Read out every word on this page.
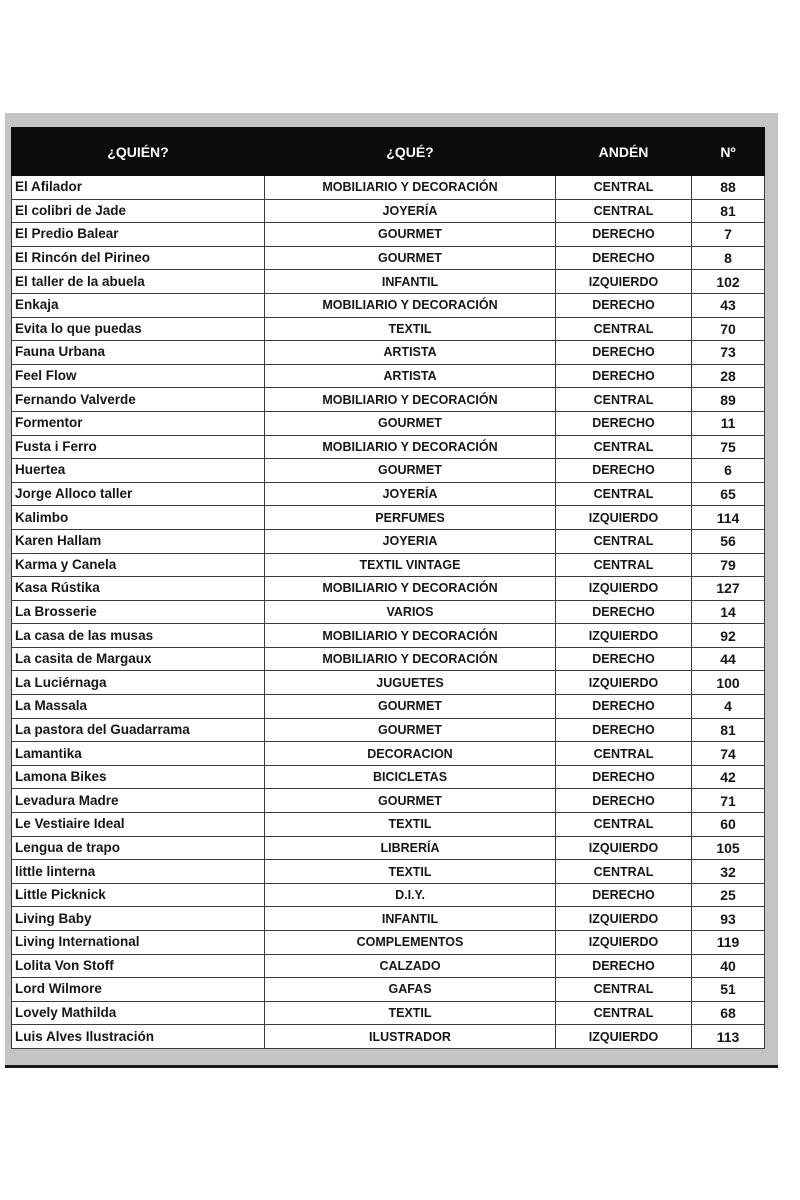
¿QUIÉN?	¿QUÉ?	ANDÉN	Nº
El Afilador	MOBILIARIO Y DECORACIÓN	CENTRAL	88
El colibri de Jade	JOYERÍA	CENTRAL	81
El Predio Balear	GOURMET	DERECHO	7
El Rincón del Pirineo	GOURMET	DERECHO	8
El taller de la abuela	INFANTIL	IZQUIERDO	102
Enkaja	MOBILIARIO Y DECORACIÓN	DERECHO	43
Evita lo que puedas	TEXTIL	CENTRAL	70
Fauna Urbana	ARTISTA	DERECHO	73
Feel Flow	ARTISTA	DERECHO	28
Fernando Valverde	MOBILIARIO Y DECORACIÓN	CENTRAL	89
Formentor	GOURMET	DERECHO	11
Fusta i Ferro	MOBILIARIO Y DECORACIÓN	CENTRAL	75
Huertea	GOURMET	DERECHO	6
Jorge Alloco taller	JOYERÍA	CENTRAL	65
Kalimbo	PERFUMES	IZQUIERDO	114
Karen Hallam	JOYERIA	CENTRAL	56
Karma y Canela	TEXTIL VINTAGE	CENTRAL	79
Kasa Rústika	MOBILIARIO Y DECORACIÓN	IZQUIERDO	127
La Brosserie	VARIOS	DERECHO	14
La casa de las musas	MOBILIARIO Y DECORACIÓN	IZQUIERDO	92
La casita de Margaux	MOBILIARIO Y DECORACIÓN	DERECHO	44
La Luciérnaga	JUGUETES	IZQUIERDO	100
La Massala	GOURMET	DERECHO	4
La pastora del Guadarrama	GOURMET	DERECHO	81
Lamantika	DECORACION	CENTRAL	74
Lamona Bikes	BICICLETAS	DERECHO	42
Levadura Madre	GOURMET	DERECHO	71
Le Vestiaire Ideal	TEXTIL	CENTRAL	60
Lengua de trapo	LIBRERÍA	IZQUIERDO	105
little linterna	TEXTIL	CENTRAL	32
Little Picknick	D.I.Y.	DERECHO	25
Living Baby	INFANTIL	IZQUIERDO	93
Living International	COMPLEMENTOS	IZQUIERDO	119
Lolita Von Stoff	CALZADO	DERECHO	40
Lord Wilmore	GAFAS	CENTRAL	51
Lovely Mathilda	TEXTIL	CENTRAL	68
Luis Alves Ilustración	ILUSTRADOR	IZQUIERDO	113
